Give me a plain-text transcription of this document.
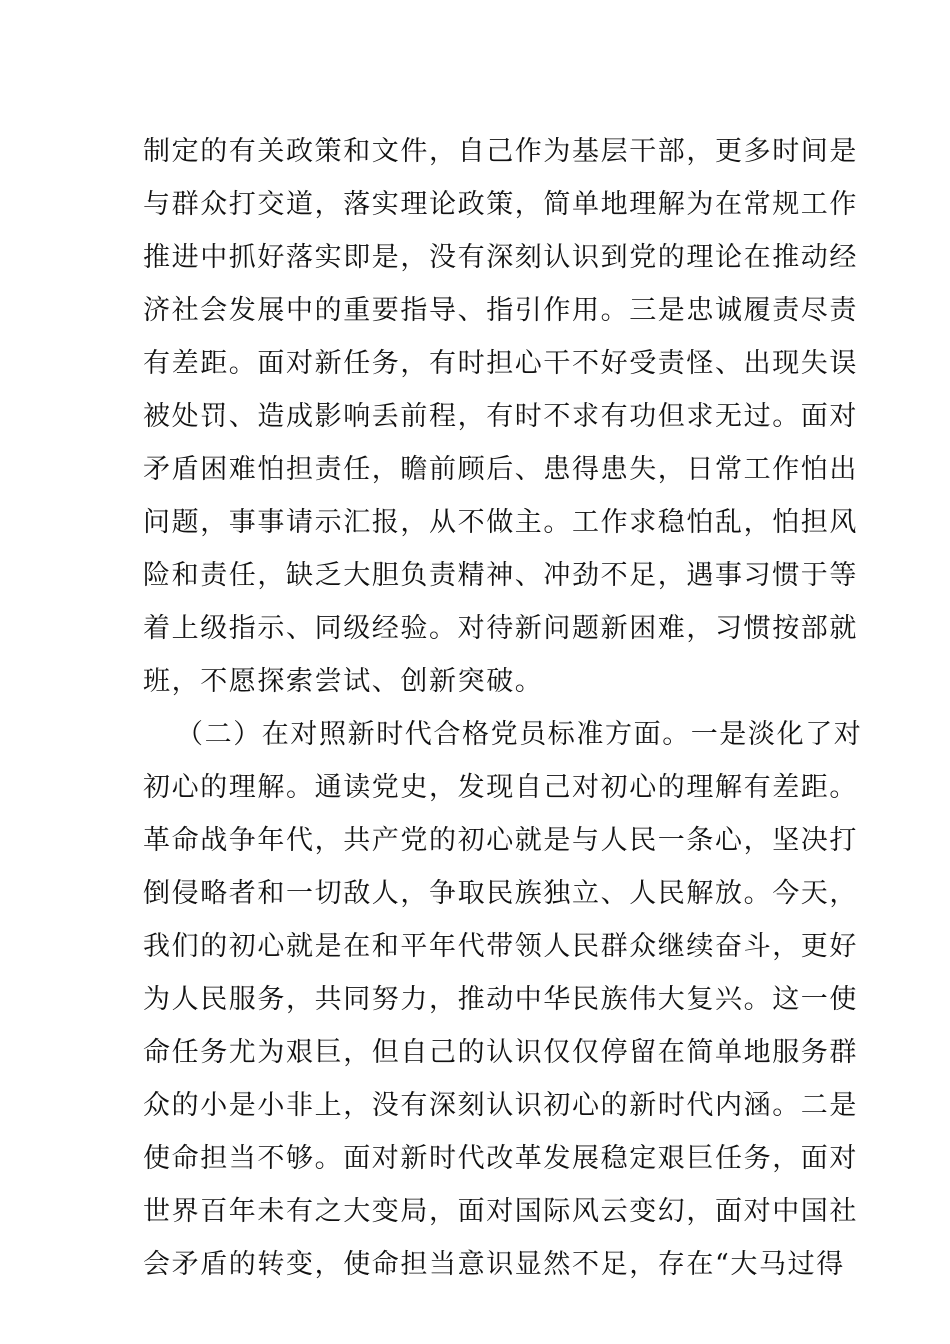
制定的有关政策和文件，自己作为基层干部，更多时间是
与群众打交道，落实理论政策，简单地理解为在常规工作
推进中抓好落实即是，没有深刻认识到党的理论在推动经
济社会发展中的重要指导、指引作用。三是忠诚履责尽责
有差距。面对新任务，有时担心干不好受责怪、出现失误
被处罚、造成影响丢前程，有时不求有功但求无过。面对
矛盾困难怕担责任，瞻前顾后、患得患失，日常工作怕出
问题，事事请示汇报，从不做主。工作求稳怕乱，怕担风
险和责任，缺乏大胆负责精神、冲劲不足，遇事习惯于等
着上级指示、同级经验。对待新问题新困难，习惯按部就
班，不愿探索尝试、创新突破。
（二）在对照新时代合格党员标准方面。一是淡化了对
初心的理解。通读党史，发现自己对初心的理解有差距。
革命战争年代，共产党的初心就是与人民一条心，坚决打
倒侵略者和一切敌人，争取民族独立、人民解放。今天，
我们的初心就是在和平年代带领人民群众继续奋斗，更好
为人民服务，共同努力，推动中华民族伟大复兴。这一使
命任务尤为艰巨，但自己的认识仅仅停留在简单地服务群
众的小是小非上，没有深刻认识初心的新时代内涵。二是
使命担当不够。面对新时代改革发展稳定艰巨任务，面对
世界百年未有之大变局，面对国际风云变幻，面对中国社
会矛盾的转变，使命担当意识显然不足，存在“大马过得
